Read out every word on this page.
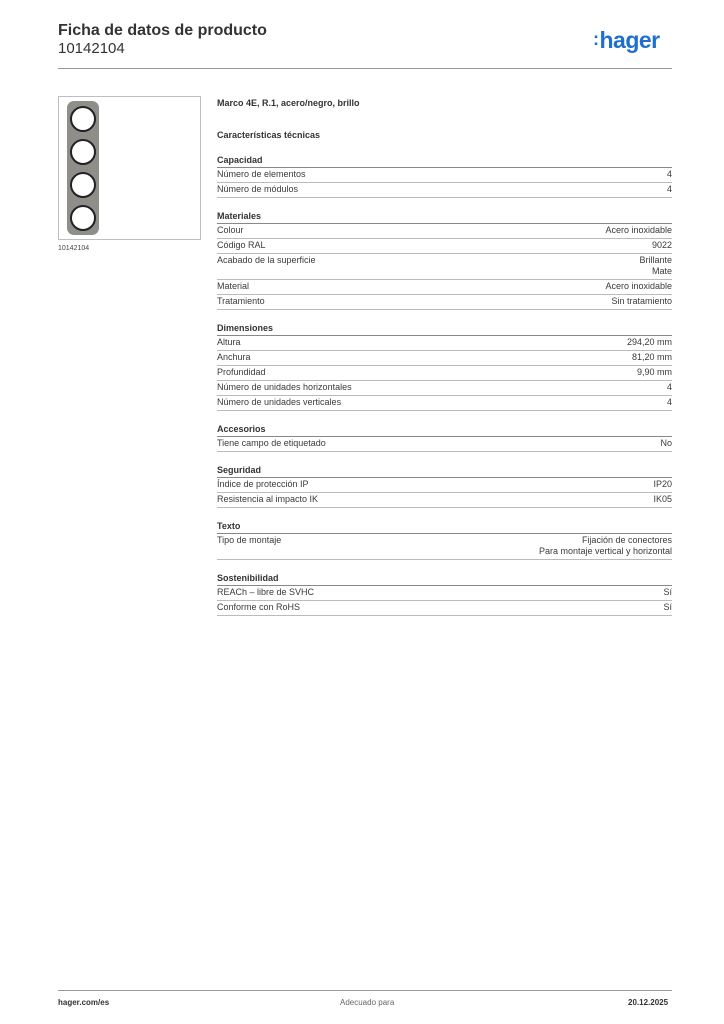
Ficha de datos de producto
10142104	:hager
10142104
Marco 4E, R.1, acero/negro, brillo
Características técnicas
Capacidad
Número de elementos	4
Número de módulos	4
Materiales
Colour	Acero inoxidable
Código RAL	9022
Acabado de la superficie	Brillante
Mate
Material	Acero inoxidable
Tratamiento	Sin tratamiento
Dimensiones
Altura	294,20 mm
Anchura	81,20 mm
Profundidad	9,90 mm
Número de unidades horizontales	4
Número de unidades verticales	4
Accesorios
Tiene campo de etiquetado	No
Seguridad
Índice de protección IP	IP20
Resistencia al impacto IK	IK05
Texto
Tipo de montaje	Fijación de conectores
Para montaje vertical y horizontal
Sostenibilidad
REACh – libre de SVHC	Sí
Conforme con RoHS	Sí
hager.com/es	Adecuado para	20.12.2025
